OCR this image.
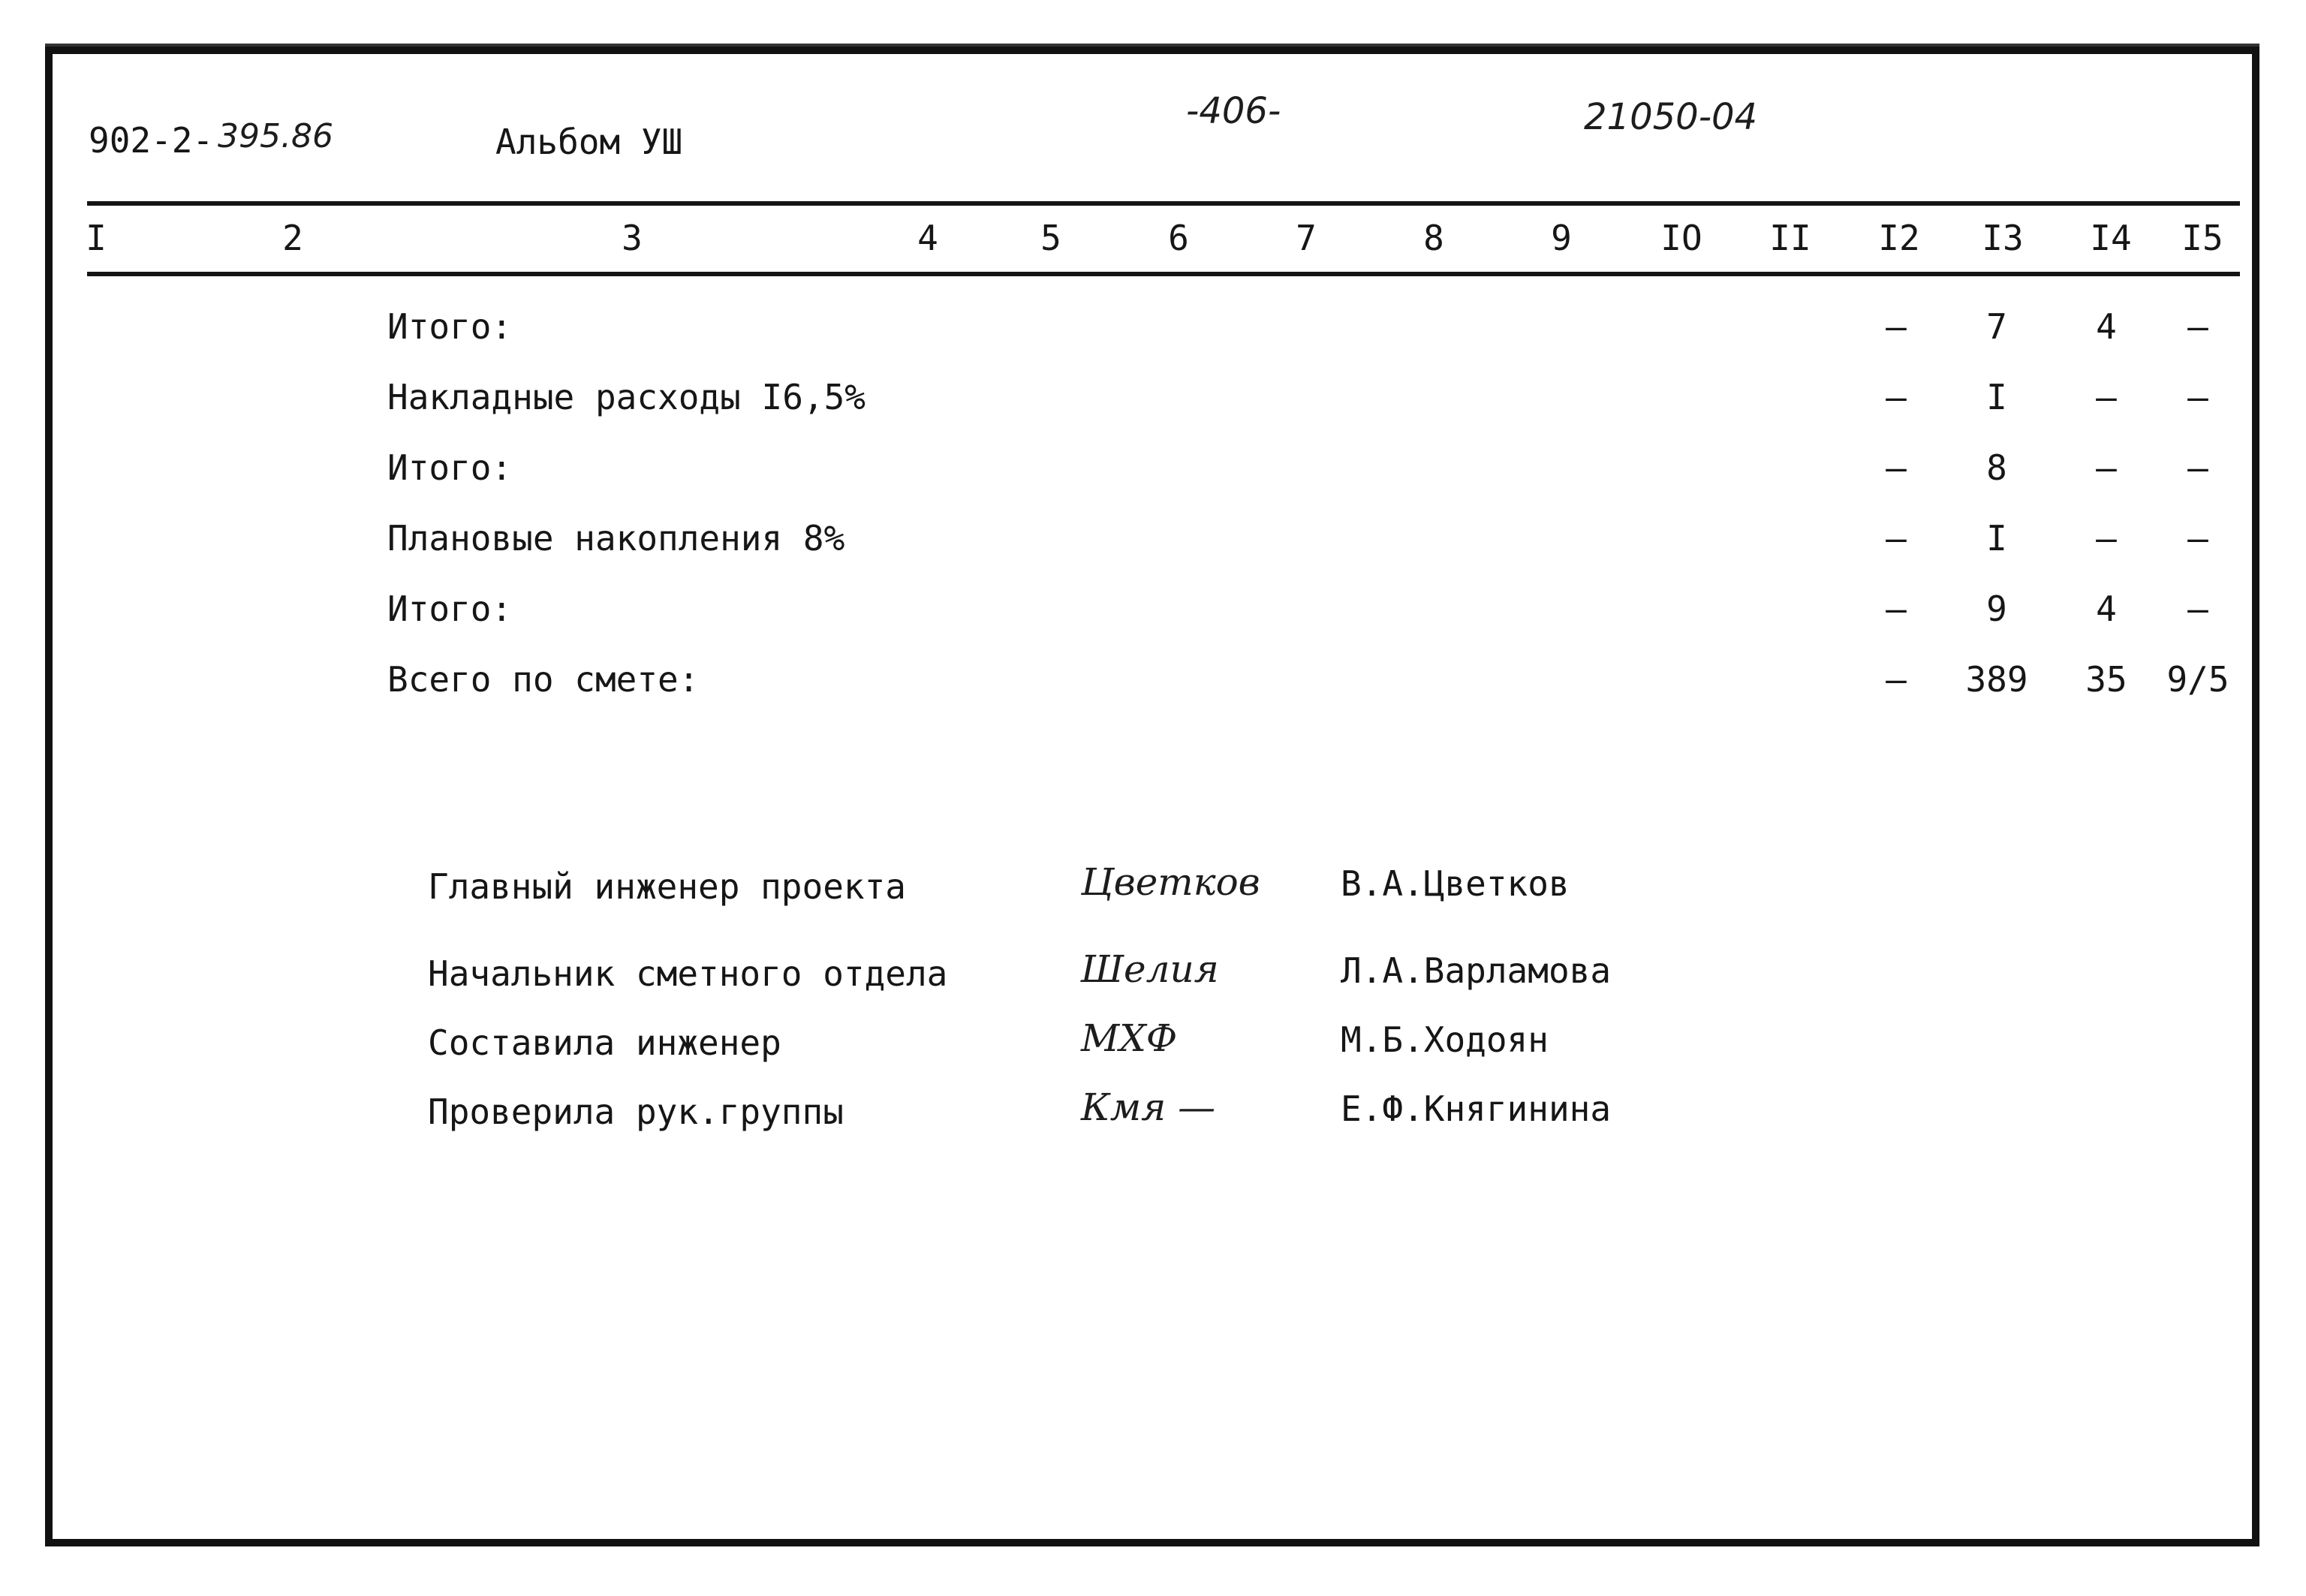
902-2- 395.86	Альбом УШ
-406-	21050-04
I	2	3	4	5	6	7	8	9	IO II I2 I3 I4 I5
Итого:	– 7	4 –
Накладные расходы I6,5%	– I	– –
Итого:	– 8	– –
Плановые накопления 8%	– I	– –
Итого:	– 9	4 –
Всего по смете:	– 389 35 9/5
Главный инженер проекта	Цветков В.А.Цветков
Начальник сметного отдела	Шелия	Л.А.Варламова
Составила инженер	МХФ	М.Б.Ходоян
Проверила рук.группы	Кмя —	Е.Ф.Княгинина
